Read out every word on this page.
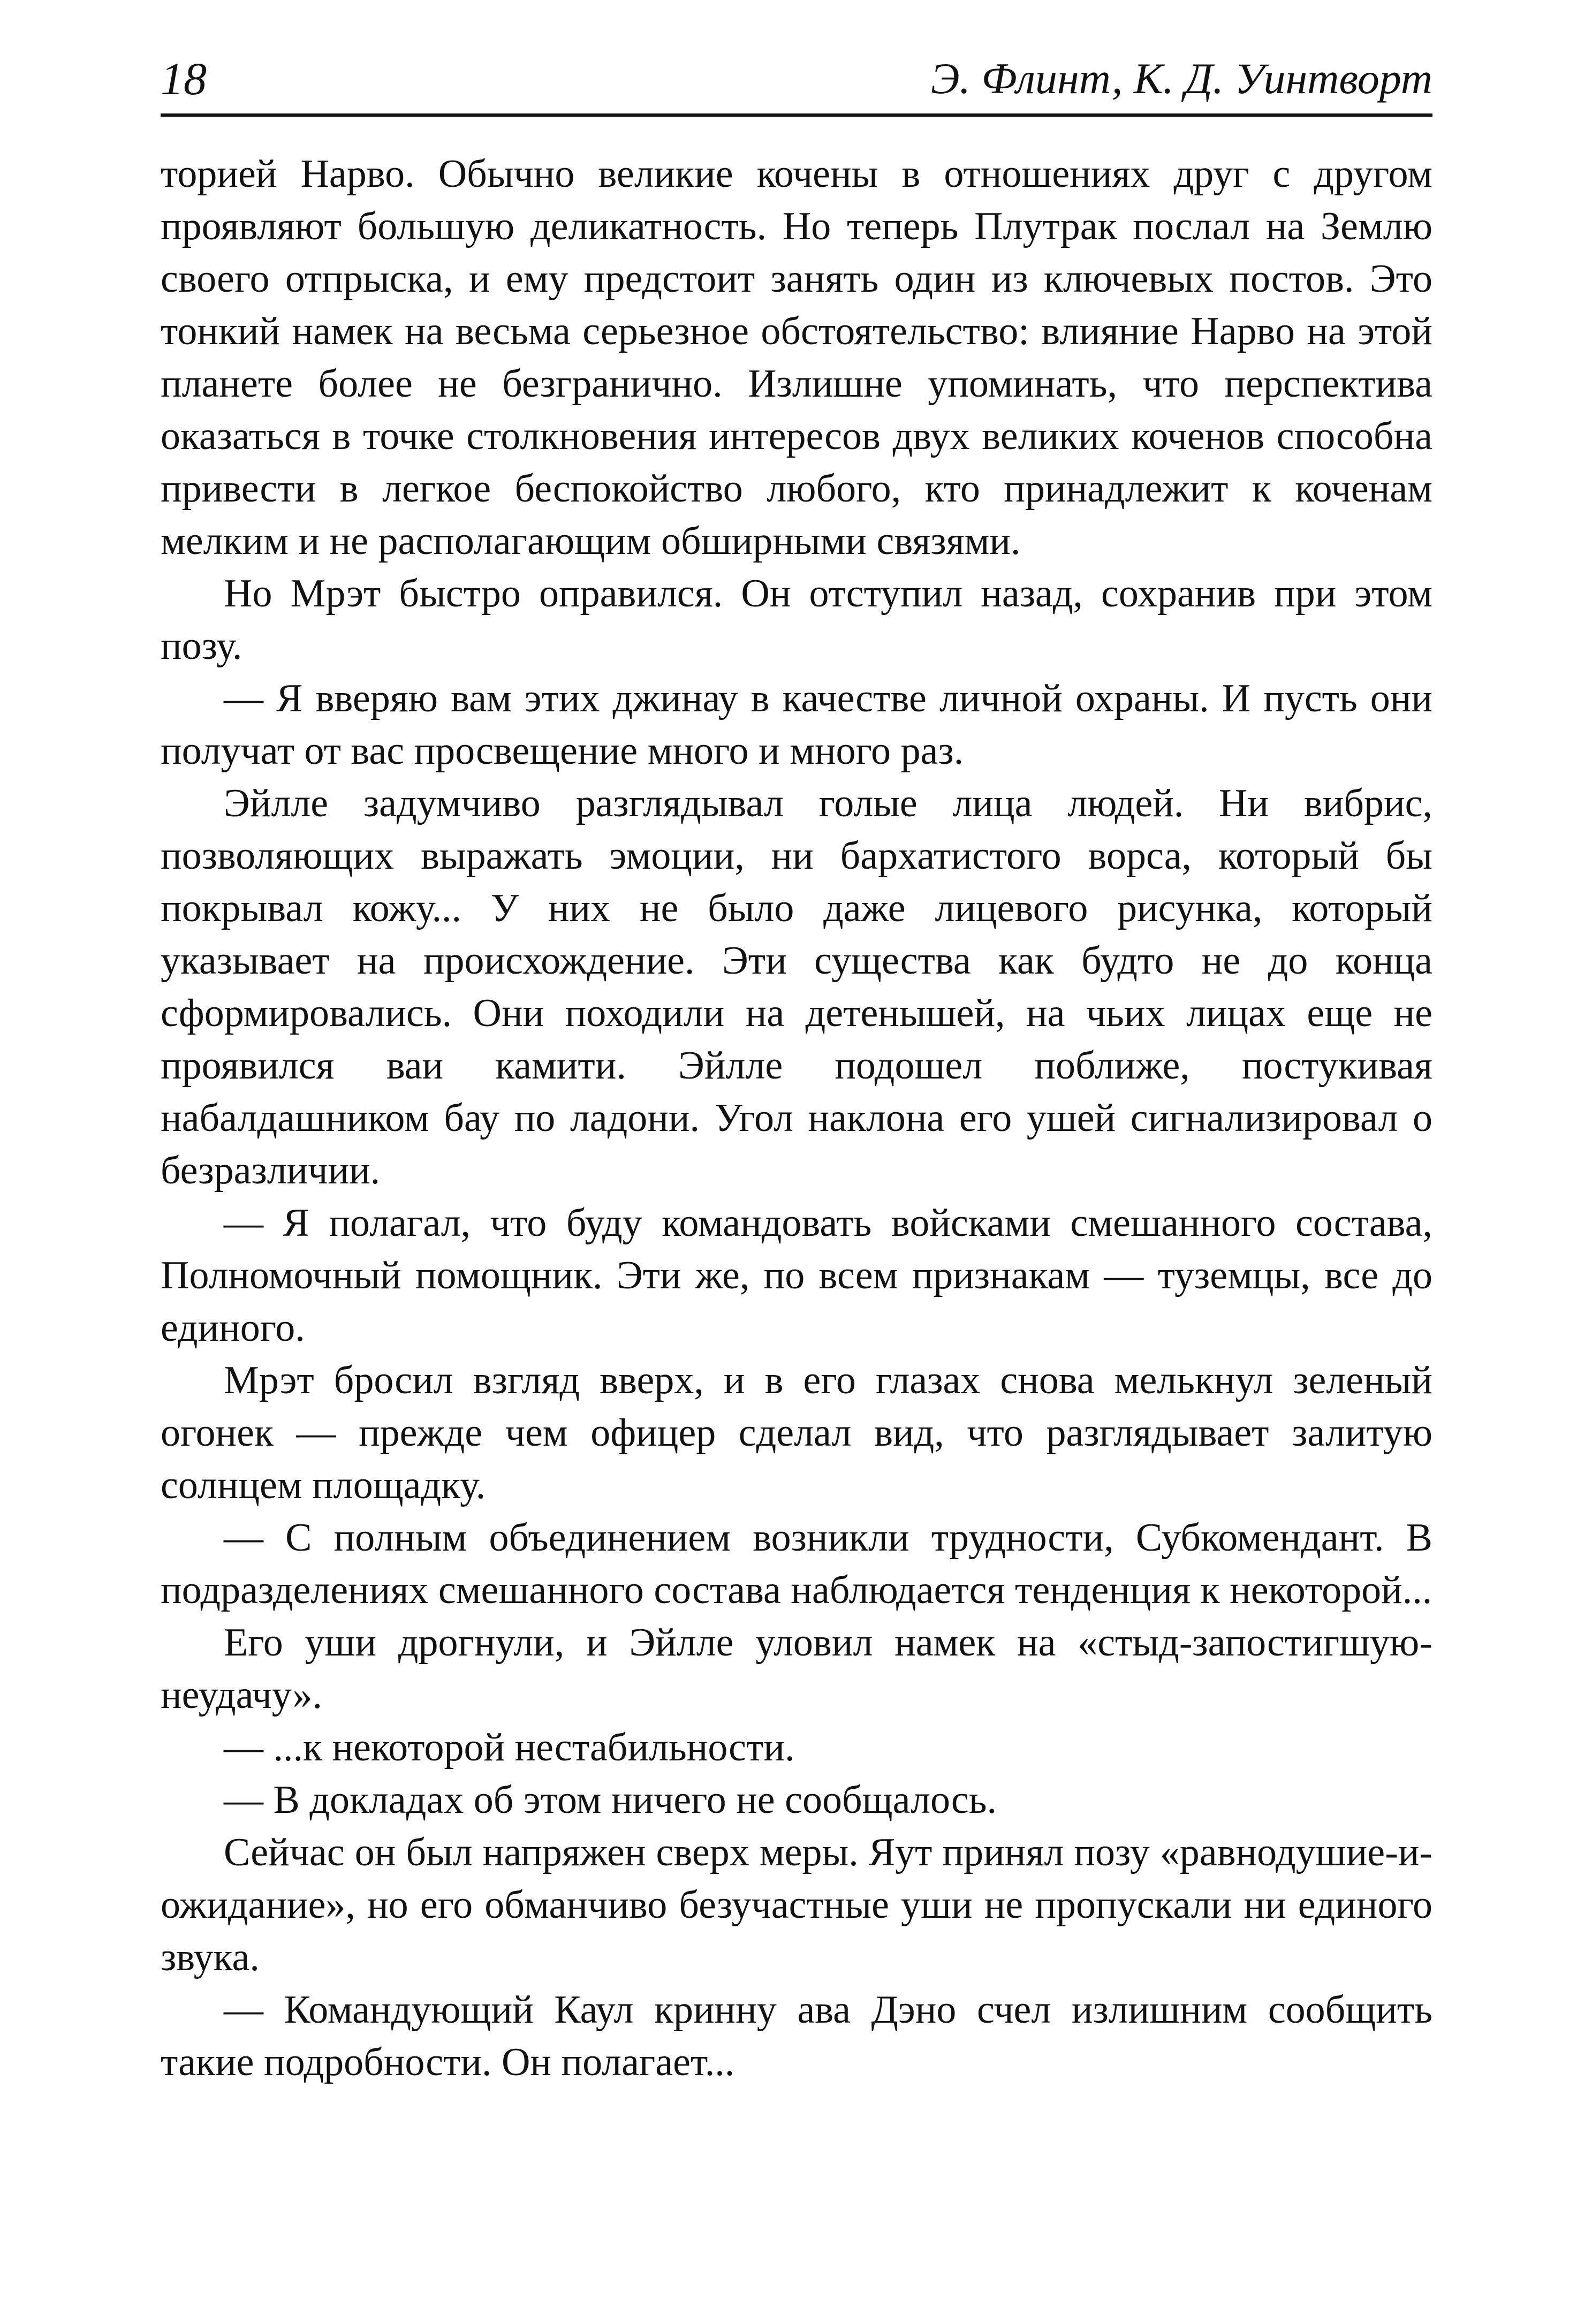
18	Э. Флинт, К. Д. Уинтворт

торией Нарво. Обычно великие кочены в отношениях друг с другом проявляют большую деликатность. Но теперь Плутрак послал на Землю своего отпрыска, и ему предстоит занять один из ключевых постов. Это тонкий намек на весьма серьезное обстоятельство: влияние Нарво на этой планете более не безгранично. Излишне упоминать, что перспектива оказаться в точке столкновения интересов двух великих коченов способна привести в легкое беспокойство любого, кто принадлежит к коченам мелким и не располагающим обширными связями.

Но Мрэт быстро оправился. Он отступил назад, сохранив при этом позу.

— Я вверяю вам этих джинау в качестве личной охраны. И пусть они получат от вас просвещение много и много раз.

Эйлле задумчиво разглядывал голые лица людей. Ни вибрис, позволяющих выражать эмоции, ни бархатистого ворса, который бы покрывал кожу... У них не было даже лицевого рисунка, который указывает на происхождение. Эти существа как будто не до конца сформировались. Они походили на детенышей, на чьих лицах еще не проявился ваи камити. Эйлле подошел поближе, постукивая набалдашником бау по ладони. Угол наклона его ушей сигнализировал о безразличии.

— Я полагал, что буду командовать войсками смешанного состава, Полномочный помощник. Эти же, по всем признакам — туземцы, все до единого.

Мрэт бросил взгляд вверх, и в его глазах снова мелькнул зеленый огонек — прежде чем офицер сделал вид, что разглядывает залитую солнцем площадку.

— С полным объединением возникли трудности, Субкомендант. В подразделениях смешанного состава наблюдается тенденция к некоторой...

Его уши дрогнули, и Эйлле уловил намек на «стыд-запостигшую-неудачу».

— ...к некоторой нестабильности.

— В докладах об этом ничего не сообщалось.

Сейчас он был напряжен сверх меры. Яут принял позу «равнодушие-и-ожидание», но его обманчиво безучастные уши не пропускали ни единого звука.

— Командующий Каул кринну ава Дэно счел излишним сообщить такие подробности. Он полагает...
